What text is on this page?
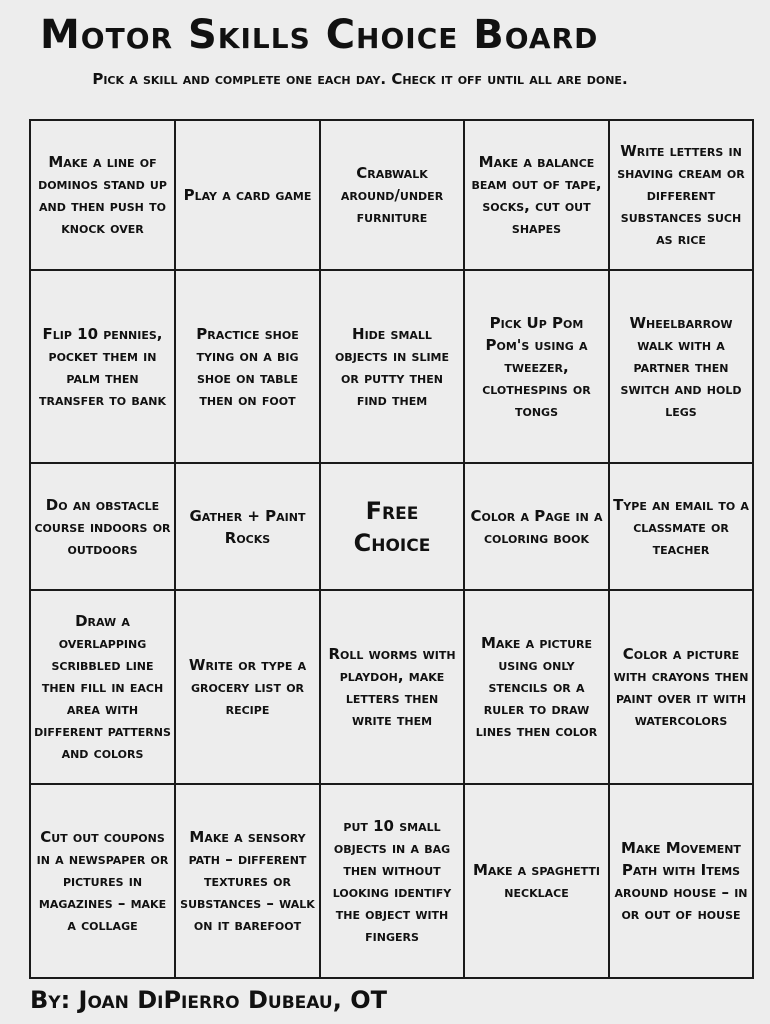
Motor Skills Choice Board
Pick a skill and complete one each day. Check it off until all are done.
Make a line of dominos stand up and then push to knock over	Play a card game	Crabwalk around/under furniture	Make a balance beam out of tape, socks, cut out shapes	Write letters in shaving cream or different substances such as rice

Flip 10 pennies, pocket them in palm then transfer to bank	Practice shoe tying on a big shoe on table then on foot	Hide small objects in slime or putty then find them	Pick Up Pom Pom's using a tweezer, clothespins or tongs	Wheelbarrow walk with a partner then switch and hold legs

Do an obstacle course indoors or outdoors	Gather + Paint Rocks	Free Choice	Color a Page in a coloring book	Type an email to a classmate or teacher

Draw a overlapping scribbled line then fill in each area with different patterns and colors	Write or type a grocery list or recipe	Roll worms with playdoh, make letters then write them	Make a picture using only stencils or a ruler to draw lines then color	Color a picture with crayons then paint over it with watercolors

Cut out coupons in a newspaper or pictures in magazines – make a collage	Make a sensory path – different textures or substances – walk on it barefoot	put 10 small objects in a bag then without looking identify the object with fingers	Make a spaghetti necklace	Make Movement Path with Items around house – in or out of house
By: Joan DiPierro Dubeau, OT
